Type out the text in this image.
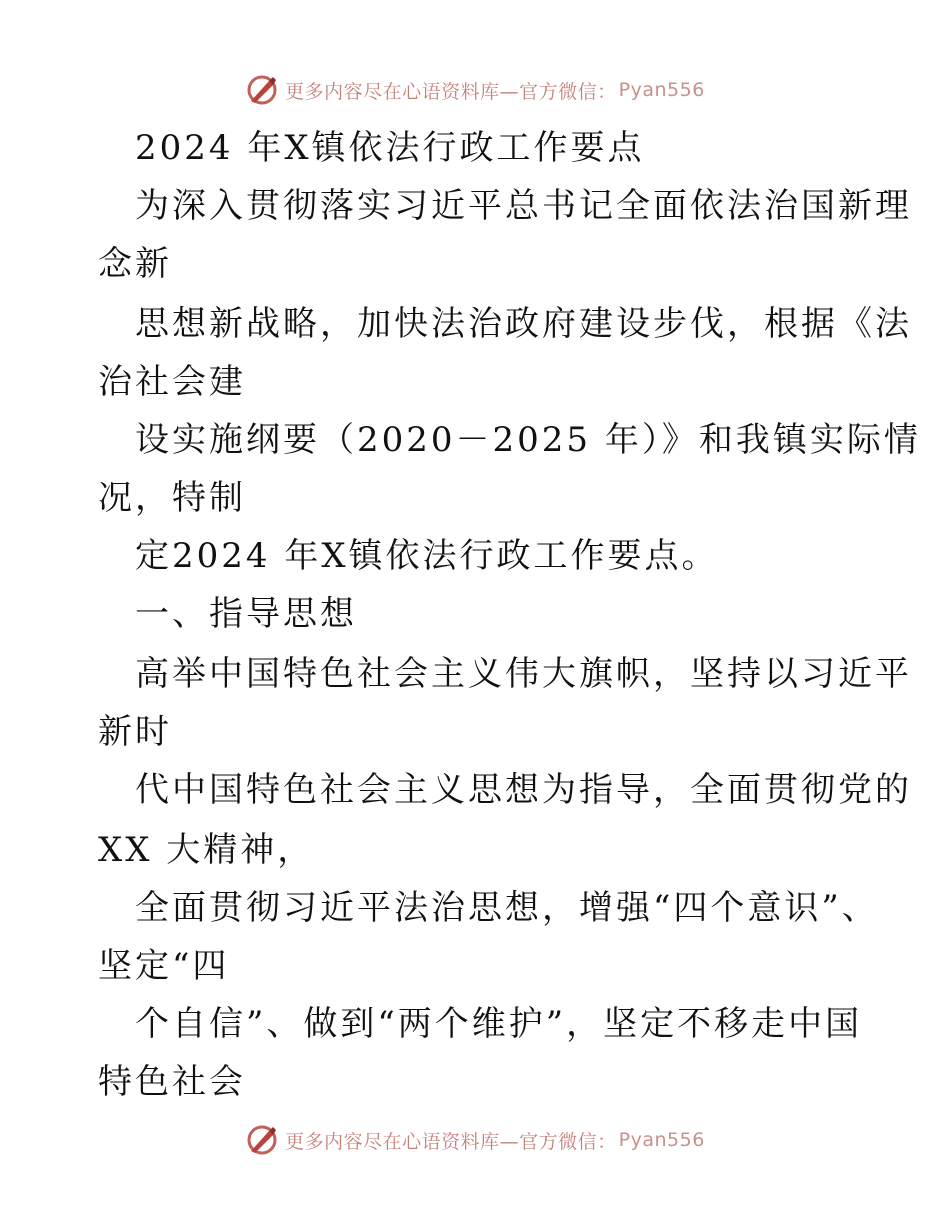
更多内容尽在心语资料库—官方微信： Pyan556
2024 年X镇依法行政工作要点
为深入贯彻落实习近平总书记全面依法治国新理
念新
思想新战略，加快法治政府建设步伐，根据《法
治社会建
设实施纲要（2020－2025 年）》和我镇实际情
况，特制
定2024 年X镇依法行政工作要点。
一、指导思想
高举中国特色社会主义伟大旗帜，坚持以习近平
新时
代中国特色社会主义思想为指导，全面贯彻党的
XX 大精神，
全面贯彻习近平法治思想，增强“四个意识”、
坚定“四
个自信”、做到“两个维护”，坚定不移走中国
特色社会
更多内容尽在心语资料库—官方微信： Pyan556
